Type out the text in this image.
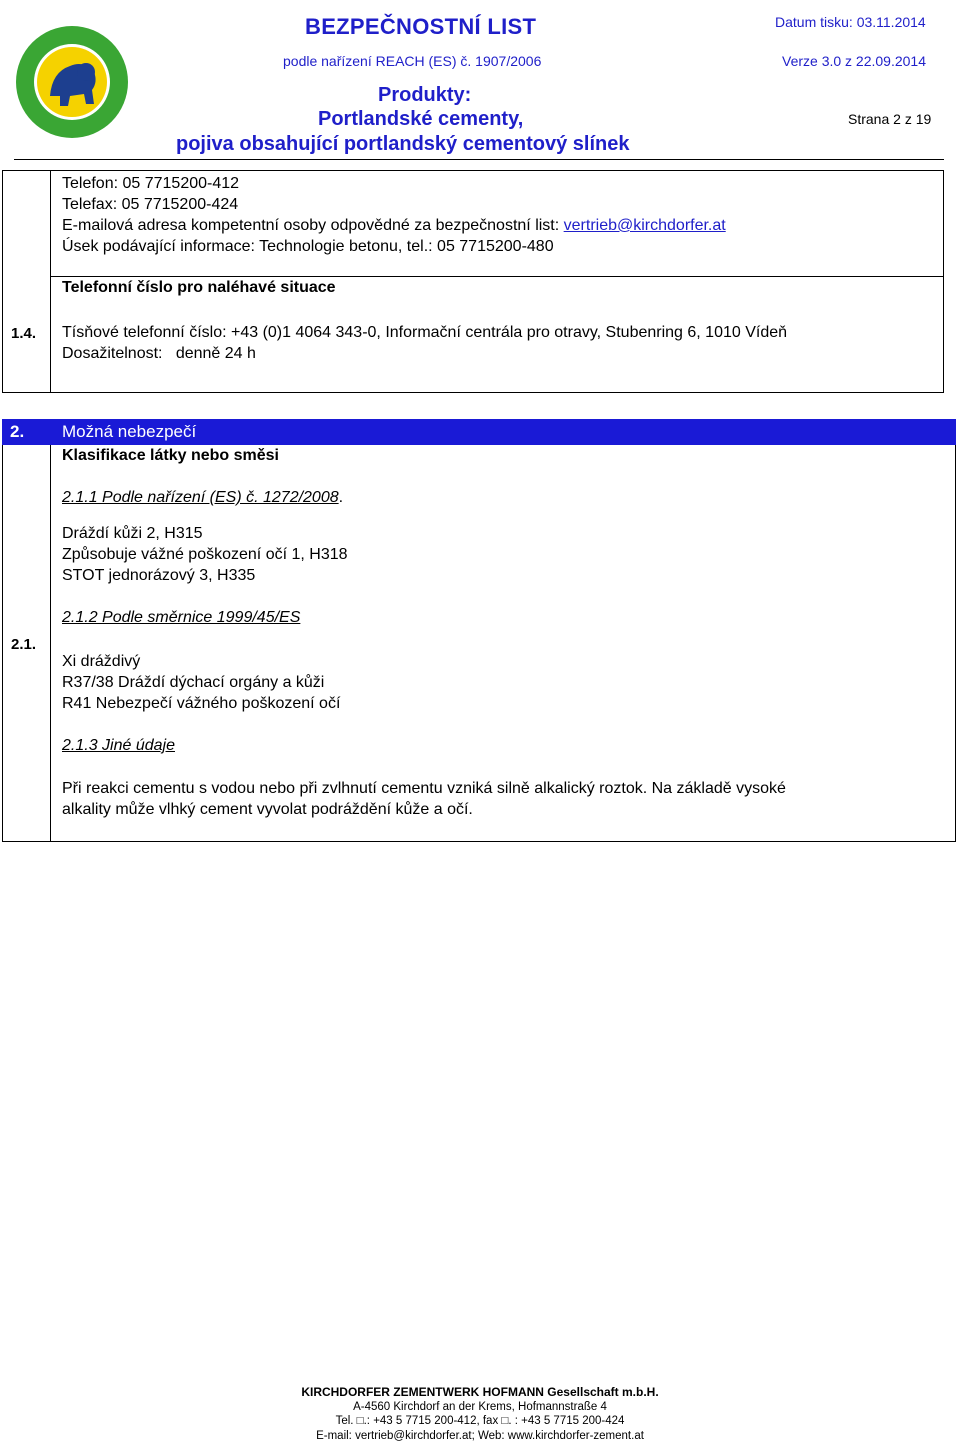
BEZPEČNOSTNÍ LIST	Datum tisku: 03.11.2014
podle nařízení REACH (ES) č. 1907/2006	Verze 3.0 z 22.09.2014
Produkty:
Portlandské cementy,
pojiva obsahující portlandský cementový slínek
Strana 2 z 19
Telefon: 05 7715200-412
Telefax: 05 7715200-424
E-mailová adresa kompetentní osoby odpovědné za bezpečnostní list: vertrieb@kirchdorfer.at
Úsek podávající informace: Technologie betonu, tel.: 05 7715200-480
Telefonní číslo pro naléhavé situace
1.4. Tísňové telefonní číslo: +43 (0)1 4064 343-0, Informační centrála pro otravy, Stubenring 6, 1010 Vídeň
Dosažitelnost:   denně 24 h
2. Možná nebezpečí
2.1.
Klasifikace látky nebo směsi
2.1.1 Podle nařízení (ES) č. 1272/2008.
Dráždí kůži 2, H315
Způsobuje vážné poškození očí 1, H318
STOT jednorázový 3, H335
2.1.2 Podle směrnice 1999/45/ES
Xi dráždivý
R37/38 Dráždí dýchací orgány a kůži
R41 Nebezpečí vážného poškození očí
2.1.3 Jiné údaje
Při reakci cementu s vodou nebo při zvlhnutí cementu vzniká silně alkalický roztok. Na základě vysoké
alkality může vlhký cement vyvolat podráždění kůže a očí.
KIRCHDORFER ZEMENTWERK HOFMANN Gesellschaft m.b.H.
A-4560 Kirchdorf an der Krems, Hofmannstraße 4
Tel. □.: +43 5 7715 200-412, fax □. : +43 5 7715 200-424
E-mail: vertrieb@kirchdorfer.at; Web: www.kirchdorfer-zement.at
